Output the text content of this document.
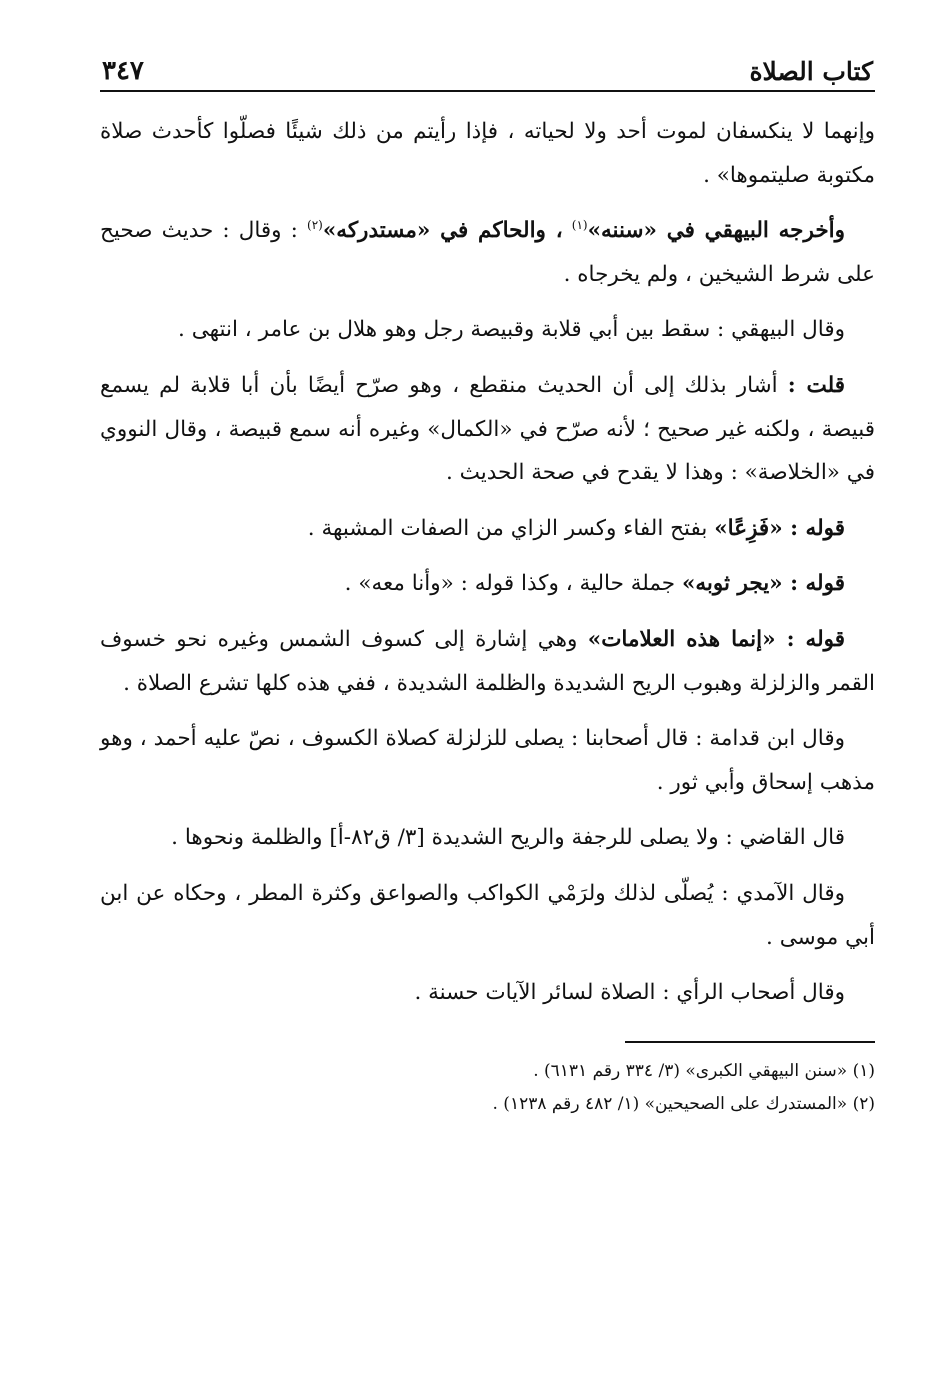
كتاب الصلاة
٣٤٧

وإنهما لا ينكسفان لموت أحد ولا لحياته ، فإذا رأيتم من ذلك شيئًا فصلّوا كأحدث صلاة مكتوبة صليتموها» .

وأخرجه البيهقي في «سننه»$^{(١)}$ ، والحاكم في «مستدركه»$^{(٢)}$ : وقال : حديث صحيح على شرط الشيخين ، ولم يخرجاه .

وقال البيهقي : سقط بين أبي قلابة وقبيصة رجل وهو هلال بن عامر ، انتهى .

قلت : أشار بذلك إلى أن الحديث منقطع ، وهو صرّح أيضًا بأن أبا قلابة لم يسمع قبيصة ، ولكنه غير صحيح ؛ لأنه صرّح في «الكمال» وغيره أنه سمع قبيصة ، وقال النووي في «الخلاصة» : وهذا لا يقدح في صحة الحديث .

قوله : «فَزِعًا» بفتح الفاء وكسر الزاي من الصفات المشبهة .

قوله : «يجر ثوبه» جملة حالية ، وكذا قوله : «وأنا معه» .

قوله : «إنما هذه العلامات» وهي إشارة إلى كسوف الشمس وغيره نحو خسوف القمر والزلزلة وهبوب الريح الشديدة والظلمة الشديدة ، ففي هذه كلها تشرع الصلاة .

وقال ابن قدامة : قال أصحابنا : يصلى للزلزلة كصلاة الكسوف ، نصّ عليه أحمد ، وهو مذهب إسحاق وأبي ثور .

قال القاضي : ولا يصلى للرجفة والريح الشديدة [٣/ ق٨٢-أ] والظلمة ونحوها .

وقال الآمدي : يُصلّى لذلك ولرَمْي الكواكب والصواعق وكثرة المطر ، وحكاه عن ابن أبي موسى .

وقال أصحاب الرأي : الصلاة لسائر الآيات حسنة .

(١) «سنن البيهقي الكبرى» (٣/ ٣٣٤ رقم ٦١٣١) .

(٢) «المستدرك على الصحيحين» (١/ ٤٨٢ رقم ١٢٣٨) .
